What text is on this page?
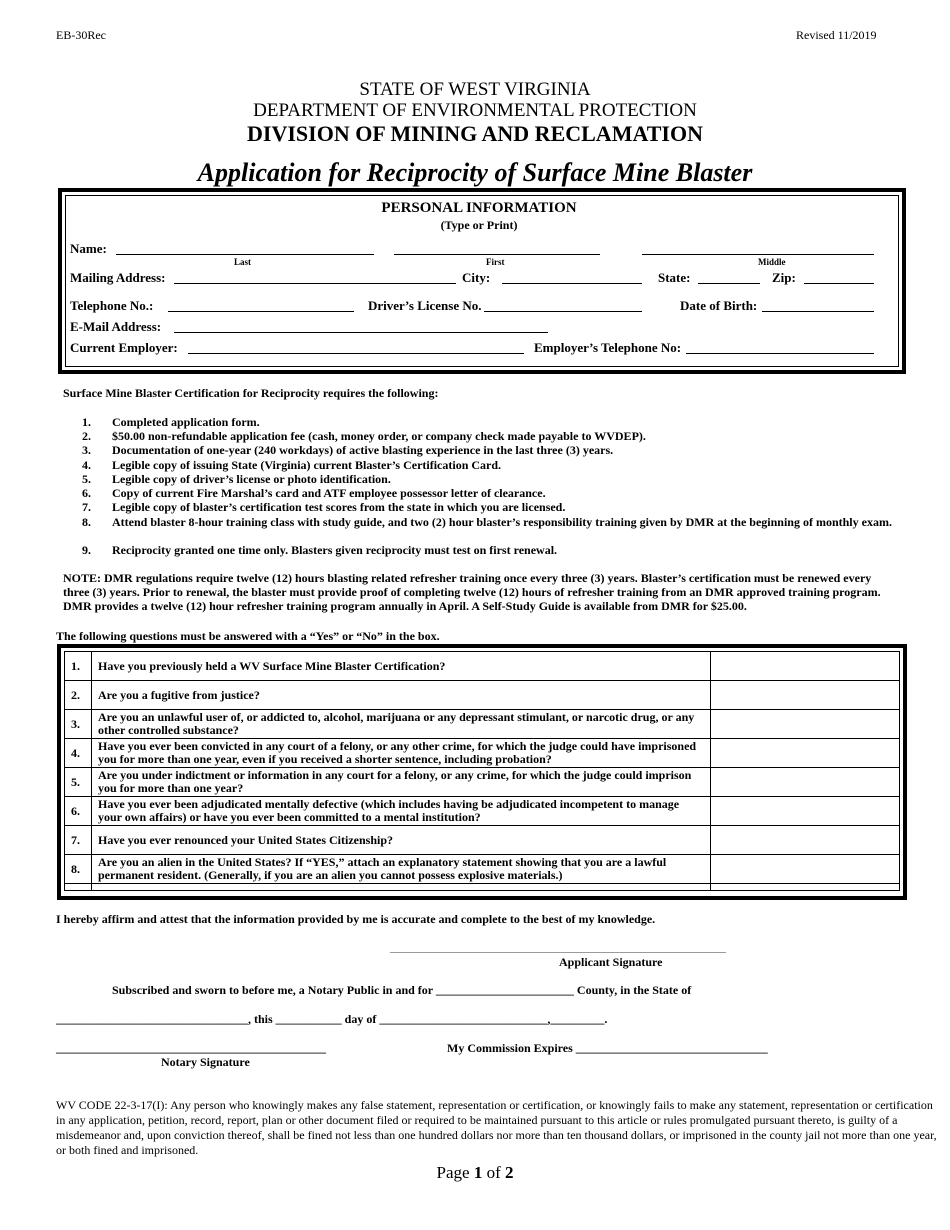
EB-30Rec	Revised 11/2019
STATE OF WEST VIRGINIA
DEPARTMENT OF ENVIRONMENTAL PROTECTION
DIVISION OF MINING AND RECLAMATION
Application for Reciprocity of Surface Mine Blaster
PERSONAL INFORMATION
(Type or Print)
Name:
Last	First	Middle
Mailing Address:	City:	State:	Zip:
Telephone No.:	Driver’s License No.	Date of Birth:
E-Mail Address:
Current Employer:	Employer’s Telephone No:
Surface Mine Blaster Certification for Reciprocity requires the following:
1.	Completed application form.
2.	$50.00 non-refundable application fee (cash, money order, or company check made payable to WVDEP).
3.	Documentation of one-year (240 workdays) of active blasting experience in the last three (3) years.
4.	Legible copy of issuing State (Virginia) current Blaster’s Certification Card.
5.	Legible copy of driver’s license or photo identification.
6.	Copy of current Fire Marshal’s card and ATF employee possessor letter of clearance.
7.	Legible copy of blaster’s certification test scores from the state in which you are licensed.
8.	Attend blaster 8-hour training class with study guide, and two (2) hour blaster’s responsibility training given by DMR at the beginning of monthly exam.
9.	Reciprocity granted one time only. Blasters given reciprocity must test on first renewal.
NOTE: DMR regulations require twelve (12) hours blasting related refresher training once every three (3) years. Blaster’s certification must be renewed every three (3) years. Prior to renewal, the blaster must provide proof of completing twelve (12) hours of refresher training from an DMR approved training program. DMR provides a twelve (12) hour refresher training program annually in April. A Self-Study Guide is available from DMR for $25.00.
The following questions must be answered with a “Yes” or “No” in the box.
1.	Have you previously held a WV Surface Mine Blaster Certification?	
2.	Are you a fugitive from justice?	
3.	Are you an unlawful user of, or addicted to, alcohol, marijuana or any depressant stimulant, or narcotic drug, or any other controlled substance?	
4.	Have you ever been convicted in any court of a felony, or any other crime, for which the judge could have imprisoned you for more than one year, even if you received a shorter sentence, including probation?	
5.	Are you under indictment or information in any court for a felony, or any crime, for which the judge could imprison you for more than one year?	
6.	Have you ever been adjudicated mentally defective (which includes having be adjudicated incompetent to manage your own affairs) or have you ever been committed to a mental institution?	
7.	Have you ever renounced your United States Citizenship?	
8.	Are you an alien in the United States? If “YES,” attach an explanatory statement showing that you are a lawful permanent resident. (Generally, if you are an alien you cannot possess explosive materials.)	

I hereby affirm and attest that the information provided by me is accurate and complete to the best of my knowledge.
________________________________________________________
Applicant Signature
Subscribed and sworn to before me, a Notary Public in and for _______________________ County, in the State of
________________________________, this ___________ day of ____________________________,_________.
_____________________________________________
Notary Signature
My Commission Expires ________________________________
WV CODE 22-3-17(I): Any person who knowingly makes any false statement, representation or certification, or knowingly fails to make any statement, representation or certification in any application, petition, record, report, plan or other document filed or required to be maintained pursuant to this article or rules promulgated pursuant thereto, is guilty of a misdemeanor and, upon conviction thereof, shall be fined not less than one hundred dollars nor more than ten thousand dollars, or imprisoned in the county jail not more than one year, or both fined and imprisoned.
Page 1 of 2
